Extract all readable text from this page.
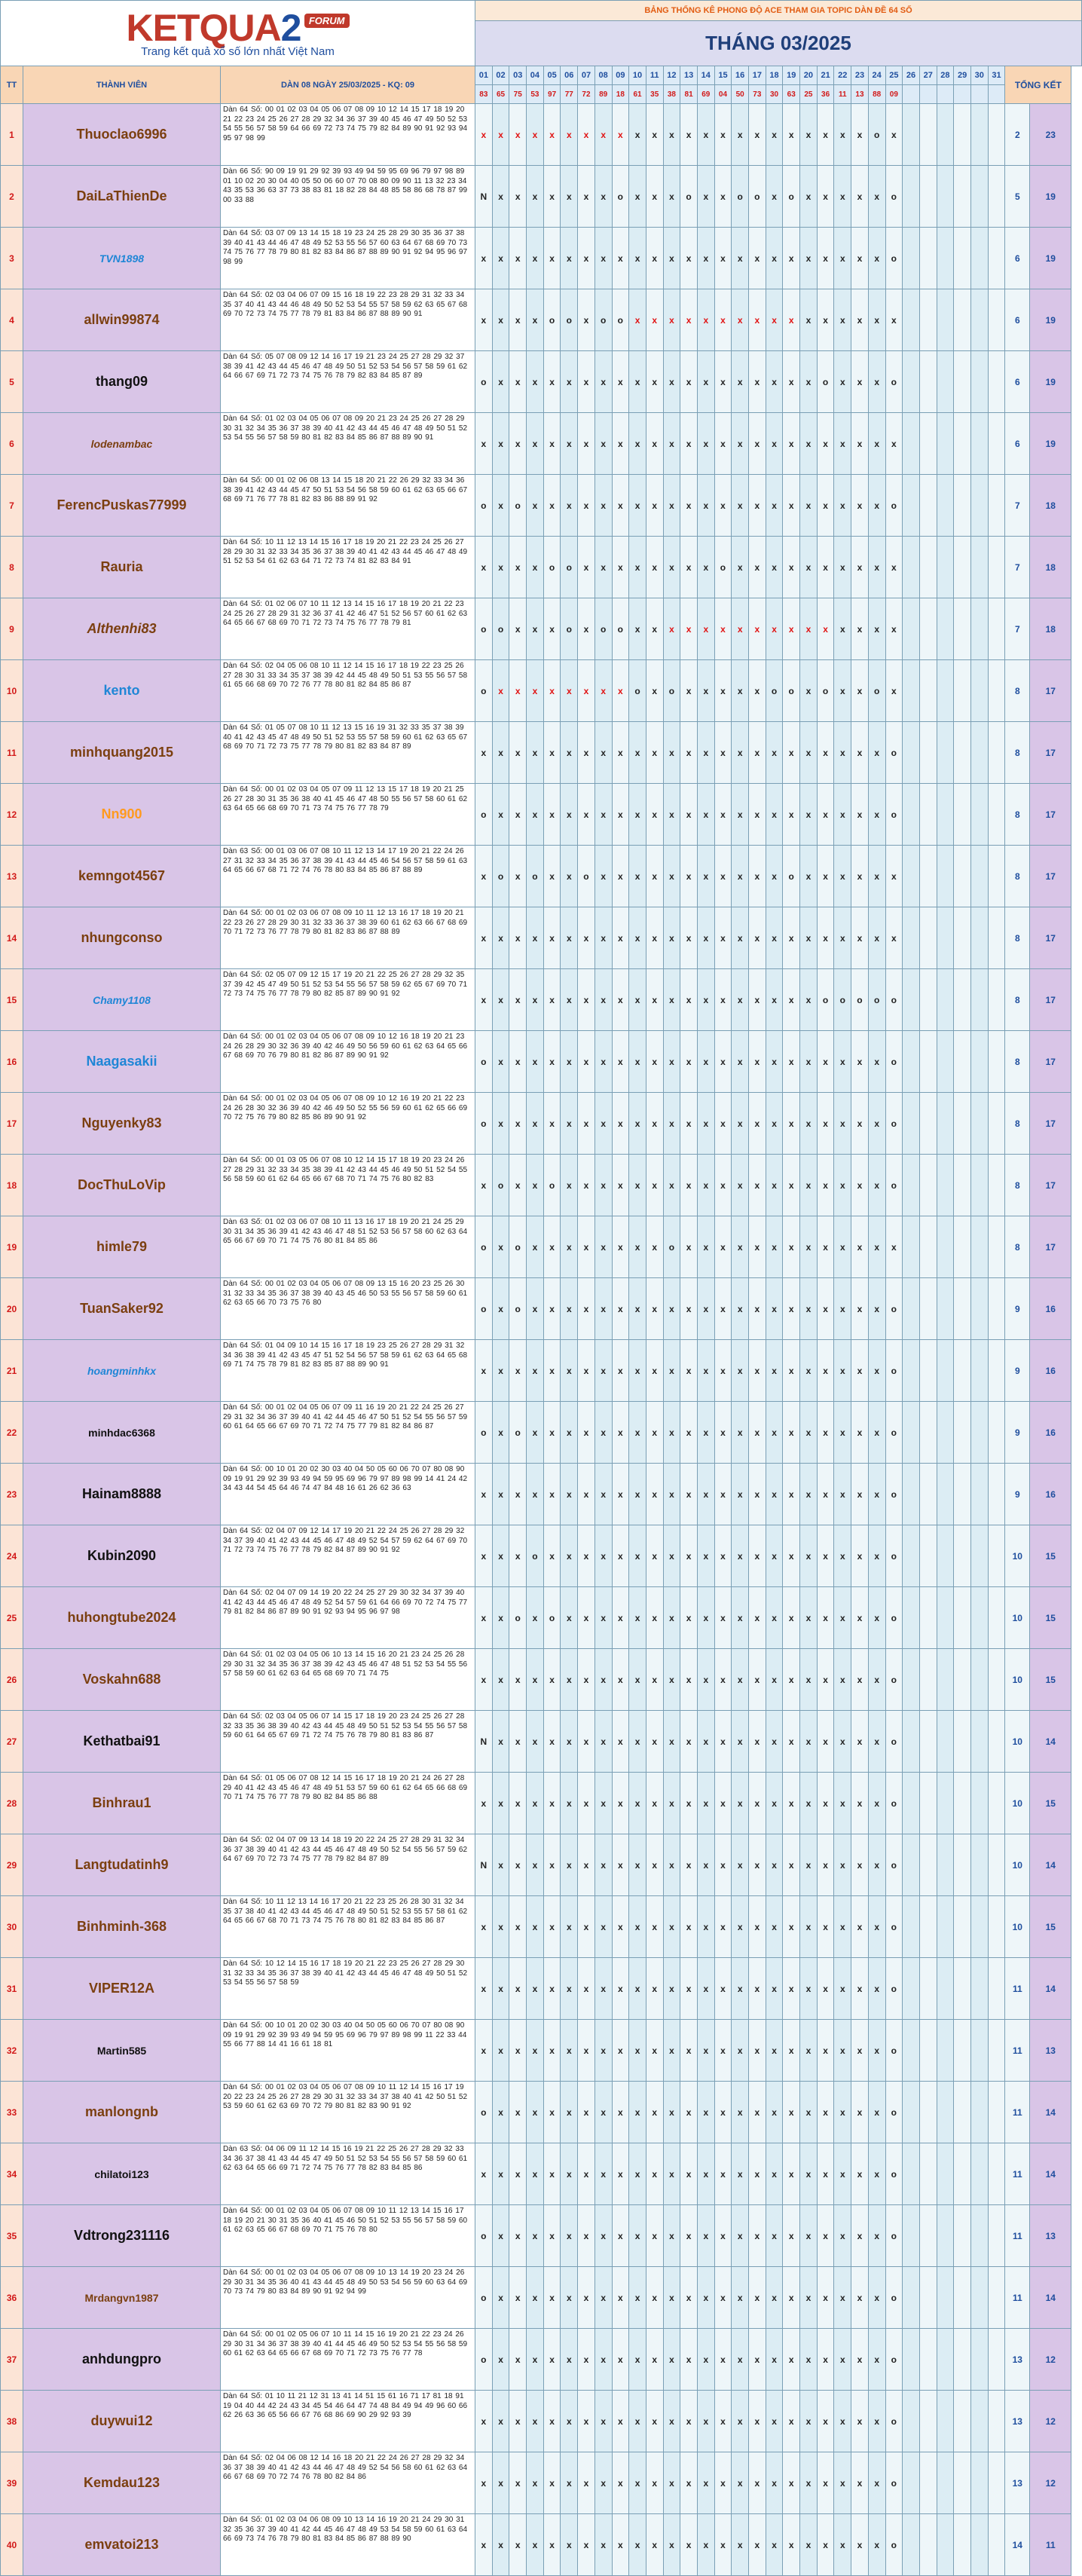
KETQUA2 FORUM
Trang kết quả xổ số lớn nhất Việt Nam			BẢNG THỐNG KÊ PHONG ĐỘ ACE THAM GIA TOPIC DÀN ĐỀ 64 SỐ																																
			THÁNG 03/2025																																
TT	THÀNH VIÊN	DÀN 08 NGÀY 25/03/2025 - KQ: 09	01	02	03	04	05	06	07	08	09	10	11	12	13	14	15	16	17	18	19	20	21	22	23	24	25	26	27	28	29	30	31	TỔNG KẾT	
			83	65	75	53	97	77	72	89	18	61	35	38	81	69	04	50	73	30	63	25	36	11	13	88	09								
1	Thuoclao6996	Dàn 64 Số: 00 01 02 03 04 05 06 07 08 09 10 12 14 15 17 18 19 20 21 22 23 24 25 26 27 28 29 32 34 36 37 39 40 45 46 47 49 50 52 53 54 55 56 57 58 59 64 66 69 72 73 74 75 79 82 84 89 90 91 92 93 94 95 97 98 99	x	x	x	x	x	x	x	x	x	x	x	x	x	x	x	x	x	x	x	x	x	x	x	o	x							2	23
2	DaiLaThienDe	Dàn 66 Số: 90 09 19 91 29 92 39 93 49 94 59 95 69 96 79 97 98 89 01 10 02 20 30 04 40 05 50 06 60 07 70 08 80 09 90 11 13 32 23 34 43 35 53 36 63 37 73 38 83 81 18 82 28 84 48 85 58 86 68 78 87 99 00 33 88	N	x	x	x	x	x	x	x	o	x	x	x	o	x	x	o	o	x	o	x	x	x	x	x	o							5	19
3	TVN1898	Dàn 64 Số: 03 07 09 13 14 15 18 19 23 24 25 28 29 30 35 36 37 38 39 40 41 43 44 46 47 48 49 52 53 55 56 57 60 63 64 67 68 69 70 73 74 75 76 77 78 79 80 81 82 83 84 86 87 88 89 90 91 92 94 95 96 97 98 99	x	x	x	x	x	x	x	x	x	x	x	x	x	x	x	x	x	x	x	x	x	x	x	x	o							6	19
4	allwin99874	Dàn 64 Số: 02 03 04 06 07 09 15 16 18 19 22 23 28 29 31 32 33 34 35 37 40 41 43 44 46 48 49 50 52 53 54 55 57 58 59 62 63 65 67 68 69 70 72 73 74 75 77 78 79 81 83 84 86 87 88 89 90 91	x	x	x	x	o	o	x	o	o	x	x	x	x	x	x	x	x	x	x	x	x	x	x	x	x							6	19
5	thang09	Dàn 64 Số: 05 07 08 09 12 14 16 17 19 21 23 24 25 27 28 29 32 37 38 39 41 42 43 44 45 46 47 48 49 50 51 52 53 54 56 57 58 59 61 62 64 66 67 69 71 72 73 74 75 76 78 79 82 83 84 85 87 89	o	x	x	x	x	x	x	x	x	x	x	x	x	x	x	x	x	x	x	x	o	x	x	x	o							6	19
6	lodenambac	Dàn 64 Số: 01 02 03 04 05 06 07 08 09 20 21 23 24 25 26 27 28 29 30 31 32 34 35 36 37 38 39 40 41 42 43 44 45 46 47 48 49 50 51 52 53 54 55 56 57 58 59 80 81 82 83 84 85 86 87 88 89 90 91	x	x	x	x	x	x	x	x	x	x	x	x	x	x	x	x	x	x	x	x	x	x	x	x	x							6	19
7	FerencPuskas77999	Dàn 64 Số: 00 01 02 06 08 13 14 15 18 20 21 22 26 29 32 33 34 36 38 39 41 42 43 44 45 47 50 51 53 54 56 58 59 60 61 62 63 65 66 67 68 69 71 76 77 78 81 82 83 86 88 89 91 92	o	x	o	x	x	x	x	x	x	x	x	x	x	x	x	x	x	x	x	x	x	x	x	x	o							7	18
8	Rauria	Dàn 64 Số: 10 11 12 13 14 15 16 17 18 19 20 21 22 23 24 25 26 27 28 29 30 31 32 33 34 35 36 37 38 39 40 41 42 43 44 45 46 47 48 49 51 52 53 54 61 62 63 64 71 72 73 74 81 82 83 84 91	x	x	x	x	o	o	x	x	x	x	x	x	x	x	o	x	x	x	x	x	x	x	x	x	x							7	18
9	Althenhi83	Dàn 64 Số: 01 02 06 07 10 11 12 13 14 15 16 17 18 19 20 21 22 23 24 25 26 27 28 29 31 32 36 37 41 42 46 47 51 52 56 57 60 61 62 63 64 65 66 67 68 69 70 71 72 73 74 75 76 77 78 79 81	o	o	x	x	x	o	x	o	o	x	x	x	x	x	x	x	x	x	x	x	x	x	x	x	x							7	18
10	kento	Dàn 64 Số: 02 04 05 06 08 10 11 12 14 15 16 17 18 19 22 23 25 26 27 28 30 31 33 34 35 37 38 39 42 44 45 48 49 50 51 53 55 56 57 58 61 65 66 68 69 70 72 76 77 78 80 81 82 84 85 86 87	o	x	x	x	x	x	x	x	x	o	x	o	x	x	x	x	x	o	o	x	o	x	x	o	x							8	17
11	minhquang2015	Dàn 64 Số: 01 05 07 08 10 11 12 13 15 16 19 31 32 33 35 37 38 39 40 41 42 43 45 47 48 49 50 51 52 53 55 57 58 59 60 61 62 63 65 67 68 69 70 71 72 73 75 77 78 79 80 81 82 83 84 87 89	x	x	x	x	x	x	x	x	x	x	x	x	x	x	x	x	x	x	x	x	x	x	x	x	o							8	17
12	Nn900	Dàn 64 Số: 00 01 02 03 04 05 07 09 11 12 13 15 17 18 19 20 21 25 26 27 28 30 31 35 36 38 40 41 45 46 47 48 50 55 56 57 58 60 61 62 63 64 65 66 68 69 70 71 73 74 75 76 77 78 79	o	x	x	x	x	x	x	x	x	x	x	x	x	x	x	x	x	x	x	x	x	x	x	x	o							8	17
13	kemngot4567	Dàn 63 Số: 00 01 03 06 07 08 10 11 12 13 14 17 19 20 21 22 24 26 27 31 32 33 34 35 36 37 38 39 41 43 44 45 46 54 56 57 58 59 61 63 64 65 66 67 68 71 72 74 76 78 80 83 84 85 86 87 88 89	x	o	x	o	x	x	o	x	x	x	x	x	x	x	x	x	x	x	o	x	x	x	x	x	x							8	17
14	nhungconso	Dàn 64 Số: 00 01 02 03 06 07 08 09 10 11 12 13 16 17 18 19 20 21 22 23 26 27 28 29 30 31 32 33 36 37 38 39 60 61 62 63 66 67 68 69 70 71 72 73 76 77 78 79 80 81 82 83 86 87 88 89	x	x	x	x	x	x	x	x	x	x	x	x	x	x	x	x	x	x	x	x	x	x	x	x	x							8	17
15	Chamy1108	Dàn 64 Số: 02 05 07 09 12 15 17 19 20 21 22 25 26 27 28 29 32 35 37 39 42 45 47 49 50 51 52 53 54 55 56 57 58 59 62 65 67 69 70 71 72 73 74 75 76 77 78 79 80 82 85 87 89 90 91 92	x	x	x	x	x	x	x	x	x	x	x	x	x	x	x	x	x	x	x	x	o	o	o	o	o							8	17
16	Naagasakii	Dàn 64 Số: 00 01 02 03 04 05 06 07 08 09 10 12 16 18 19 20 21 23 24 26 28 29 30 32 36 39 40 42 46 49 50 56 59 60 61 62 63 64 65 66 67 68 69 70 76 79 80 81 82 86 87 89 90 91 92	o	x	x	x	x	x	x	x	x	x	x	x	x	x	x	x	x	x	x	x	x	x	x	x	o							8	17
17	Nguyenky83	Dàn 64 Số: 00 01 02 03 04 05 06 07 08 09 10 12 16 19 20 21 22 23 24 26 28 30 32 36 39 40 42 46 49 50 52 55 56 59 60 61 62 65 66 69 70 72 75 76 79 80 82 85 86 89 90 91 92	o	x	x	x	x	x	x	x	x	x	x	x	x	x	x	x	x	x	x	x	x	x	x	x	o							8	17
18	DocThuLoVip	Dàn 64 Số: 00 01 03 05 06 07 08 10 12 14 15 17 18 19 20 23 24 26 27 28 29 31 32 33 34 35 38 39 41 42 43 44 45 46 49 50 51 52 54 55 56 58 59 60 61 62 64 65 66 67 68 70 71 74 75 76 80 82 83	x	o	x	x	o	x	x	x	x	x	x	x	x	x	x	x	x	x	x	x	x	x	x	x	o							8	17
19	himle79	Dàn 63 Số: 01 02 03 06 07 08 10 11 13 16 17 18 19 20 21 24 25 29 30 31 34 35 36 39 41 42 43 46 47 48 51 52 53 56 57 58 60 62 63 64 65 66 67 69 70 71 74 75 76 80 81 84 85 86	o	x	o	x	x	x	x	x	x	x	x	o	x	x	x	x	x	x	x	x	x	x	x	x	x							8	17
20	TuanSaker92	Dàn 64 Số: 00 01 02 03 04 05 06 07 08 09 13 15 16 20 23 25 26 30 31 32 33 34 35 36 37 38 39 40 43 45 46 50 53 55 56 57 58 59 60 61 62 63 65 66 70 73 75 76 80	o	x	o	x	x	x	x	x	x	x	x	x	x	x	x	x	x	x	x	x	x	x	x	x	o							9	16
21	hoangminhkx	Dàn 64 Số: 01 04 09 10 14 15 16 17 18 19 23 25 26 27 28 29 31 32 34 36 38 39 41 42 43 45 47 51 52 54 56 57 58 59 61 62 63 64 65 68 69 71 74 75 78 79 81 82 83 85 87 88 89 90 91	x	x	x	x	x	x	x	x	x	x	x	x	x	x	x	x	x	x	x	x	x	x	x	x	o							9	16
22	minhdac6368	Dàn 64 Số: 00 01 02 04 05 06 07 09 11 16 19 20 21 22 24 25 26 27 29 31 32 34 36 37 39 40 41 42 44 45 46 47 50 51 52 54 55 56 57 59 60 61 64 65 66 67 69 70 71 72 74 75 77 79 81 82 84 86 87	o	x	o	x	x	x	x	x	x	x	x	x	x	x	x	x	x	x	x	x	x	x	x	x	o							9	16
23	Hainam8888	Dàn 64 Số: 00 10 01 20 02 30 03 40 04 50 05 60 06 70 07 80 08 90 09 19 91 29 92 39 93 49 94 59 95 69 96 79 97 89 98 99 14 41 24 42 34 43 44 54 45 64 46 74 47 84 48 16 61 26 62 36 63	x	x	x	x	x	x	x	x	x	x	x	x	x	x	x	x	x	x	x	x	x	x	x	x	o							9	16
24	Kubin2090	Dàn 64 Số: 02 04 07 09 12 14 17 19 20 21 22 24 25 26 27 28 29 32 34 37 39 40 41 42 43 44 45 46 47 48 49 52 54 57 59 62 64 67 69 70 71 72 73 74 75 76 77 78 79 82 84 87 89 90 91 92	x	x	x	o	x	x	x	x	x	x	x	x	x	x	x	x	x	x	x	x	x	x	x	x	o							10	15
25	huhongtube2024	Dàn 64 Số: 02 04 07 09 14 19 20 22 24 25 27 29 30 32 34 37 39 40 41 42 43 44 45 46 47 48 49 52 54 57 59 61 64 66 69 70 72 74 75 77 79 81 82 84 86 87 89 90 91 92 93 94 95 96 97 98	x	x	o	x	o	x	x	x	x	x	x	x	x	x	x	x	x	x	x	x	x	x	x	x	o							10	15
26	Voskahn688	Dàn 64 Số: 01 02 03 04 05 06 10 13 14 15 16 20 21 23 24 25 26 28 29 30 31 32 34 35 36 37 38 39 42 43 45 46 47 48 51 52 53 54 55 56 57 58 59 60 61 62 63 64 65 68 69 70 71 74 75	x	x	x	x	x	x	x	x	x	x	x	x	x	x	x	x	x	x	x	x	x	x	x	x	o							10	15
27	Kethatbai91	Dàn 64 Số: 02 03 04 05 06 07 14 15 17 18 19 20 23 24 25 26 27 28 32 33 35 36 38 39 40 42 43 44 45 48 49 50 51 52 53 54 55 56 57 58 59 60 61 64 65 67 69 71 72 74 75 76 78 79 80 81 83 86 87	N	x	x	x	x	x	x	x	x	x	x	x	x	x	x	x	x	x	x	x	x	x	x	x	o							10	14
28	Binhrau1	Dàn 64 Số: 01 05 06 07 08 12 14 15 16 17 18 19 20 21 24 26 27 28 29 40 41 42 43 45 46 47 48 49 51 53 57 59 60 61 62 64 65 66 68 69 70 71 74 75 76 77 78 79 80 82 84 85 86 88	x	x	x	x	x	x	x	x	x	x	x	x	x	x	x	x	x	x	x	x	x	x	x	x	o							10	15
29	Langtudatinh9	Dàn 64 Số: 02 04 07 09 13 14 18 19 20 22 24 25 27 28 29 31 32 34 36 37 38 39 40 41 42 43 44 45 46 47 48 49 50 52 54 55 56 57 59 62 64 67 69 70 72 73 74 75 77 78 79 82 84 87 89	N	x	x	x	x	x	x	x	x	x	x	x	x	x	x	x	x	x	x	x	x	x	x	x	o							10	14
30	Binhminh-368	Dàn 64 Số: 10 11 12 13 14 16 17 20 21 22 23 25 26 28 30 31 32 34 35 37 38 40 41 42 43 44 45 46 47 48 49 50 51 52 53 55 57 58 61 62 64 65 66 67 68 70 71 73 74 75 76 78 80 81 82 83 84 85 86 87	x	x	x	x	x	x	x	x	x	x	x	x	x	x	x	x	x	x	x	x	x	x	x	x	o							10	15
31	VIPER12A	Dàn 64 Số: 10 12 14 15 16 17 18 19 20 21 22 23 25 26 27 28 29 30 31 32 33 34 35 36 37 38 39 40 41 42 43 44 45 46 47 48 49 50 51 52 53 54 55 56 57 58 59	x	x	x	x	x	x	x	x	x	x	x	x	x	x	x	x	x	x	x	x	x	x	x	x	o							11	14
32	Martin585	Dàn 64 Số: 00 10 01 20 02 30 03 40 04 50 05 60 06 70 07 80 08 90 09 19 91 29 92 39 93 49 94 59 95 69 96 79 97 89 98 99 11 22 33 44 55 66 77 88 14 41 16 61 18 81	x	x	x	x	x	x	x	x	x	x	x	x	x	x	x	x	x	x	x	x	x	x	x	x	o							11	13
33	manlongnb	Dàn 64 Số: 00 01 02 03 04 05 06 07 08 09 10 11 12 14 15 16 17 19 20 22 23 24 25 26 27 28 29 30 31 32 33 34 37 38 40 41 42 50 51 52 53 59 60 61 62 63 69 70 72 79 80 81 82 83 90 91 92	o	x	x	x	x	x	x	x	x	x	x	x	x	x	x	x	x	x	x	x	x	x	x	x	o							11	14
34	chilatoi123	Dàn 63 Số: 04 06 09 11 12 14 15 16 19 21 22 25 26 27 28 29 32 33 34 36 37 38 41 43 44 45 47 49 50 51 52 53 54 55 56 57 58 59 60 61 62 63 64 65 66 69 71 72 74 75 76 77 78 82 83 84 85 86	x	x	x	x	x	x	x	x	x	x	x	x	x	x	x	x	x	x	x	x	x	x	x	x	o							11	14
35	Vdtrong231116	Dàn 64 Số: 00 01 02 03 04 05 06 07 08 09 10 11 12 13 14 15 16 17 18 19 20 21 30 31 35 36 40 41 45 46 50 51 52 53 55 56 57 58 59 60 61 62 63 65 66 67 68 69 70 71 75 76 78 80	o	x	x	x	x	x	x	x	x	x	x	x	x	x	x	x	x	x	x	x	x	x	x	x	o							11	13
36	Mrdangvn1987	Dàn 64 Số: 00 01 02 03 04 05 06 07 08 09 10 13 14 19 20 23 24 26 29 30 31 34 35 36 40 41 43 44 45 48 49 50 53 54 56 59 60 63 64 69 70 73 74 79 80 83 84 89 90 91 92 94 99	o	x	x	x	x	x	x	x	x	x	x	x	x	x	x	x	x	x	x	x	x	x	x	x	o							11	14
37	anhdungpro	Dàn 64 Số: 00 01 02 05 06 07 10 11 14 15 16 19 20 21 22 23 24 26 29 30 31 34 36 37 38 39 40 41 44 45 46 49 50 52 53 54 55 56 58 59 60 61 62 63 64 65 66 67 68 69 70 71 72 73 75 76 77 78	o	x	x	x	x	x	x	x	x	x	x	x	x	x	x	x	x	x	x	x	x	x	x	x	o							13	12
38	duywui12	Dàn 64 Số: 01 10 11 21 12 31 13 41 14 51 15 61 16 71 17 81 18 91 19 04 40 44 42 24 43 34 45 54 46 64 47 74 48 84 49 94 49 96 60 66 62 26 63 36 65 56 66 67 76 68 86 69 90 29 92 93 39	x	x	x	x	x	x	x	x	x	x	x	x	x	x	x	x	x	x	x	x	x	x	x	x	o							13	12
39	Kemdau123	Dàn 64 Số: 02 04 06 08 12 14 16 18 20 21 22 24 26 27 28 29 32 34 36 37 38 39 40 41 42 43 44 46 47 48 49 52 54 56 58 60 61 62 63 64 66 67 68 69 70 72 74 76 78 80 82 84 86	x	x	x	x	x	x	x	x	x	x	x	x	x	x	x	x	x	x	x	x	x	x	x	x	o							13	12
40	emvatoi213	Dàn 64 Số: 01 02 03 04 06 08 09 10 13 14 16 19 20 21 24 29 30 31 32 35 36 37 39 40 41 42 44 45 46 47 48 49 53 54 58 59 60 61 63 64 66 69 73 74 76 78 79 80 81 83 84 85 86 87 88 89 90	x	x	x	x	x	x	x	x	x	x	x	x	x	x	x	x	x	x	x	x	x	x	x	x	o							14	11
